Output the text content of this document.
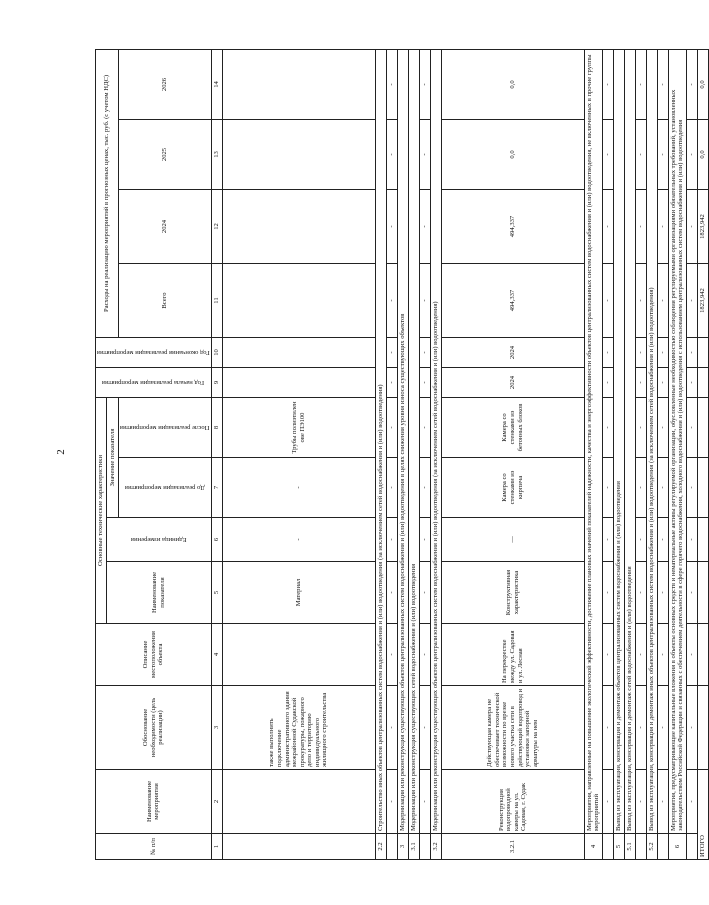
2
№ п/п	Наименование мероприятия	Обоснование необходимости (цель реализации)	Описание местоположения объекта	Основные технические характеристики				Год начала реализации мероприятия	Год окончания реализации мероприятия	Расходы на реализацию мероприятий в прогнозных ценах, тыс. руб. (с учетом НДС)			
				Наименование показателя	Единица измерения	Значение показателя							

						До реализации мероприятия	После реализации мероприятия			Всего	2024	2025	2026
1	2	3	4	5	6	7	8	9	10	11	12	13	14
		также выполнить подключение административного здания межрайонной Судакской прокуратуры, пожарного депо и территорию индивидуального жилищного строительства		Материал	-	-	Трубы полиэтилен ове ПЭ100						
2.2	Строительство иных объектов централизованных систем водоснабжения и (или) водоотведения (за исключением сетей водоснабжения и (или) водоотведения)												
	-	-	-	-	-	-	-	-	-	-	-	-	-
3	Модернизация или реконструкция существующих объектов централизованных систем водоснабжения и (или) водоотведения в целях снижения уровня износа существующих объектов												
3.1	Модернизация или реконструкция существующих сетей водоснабжения и (или) водоотведения												
	-	-	-	-	-	-	-	-	-	-	-	-	-
3.2	Модернизация или реконструкция существующих объектов централизованных систем водоснабжения и (или) водоотведения (за исключением сетей водоснабжения и (или) водоотведения)												
3.2.1	Реконструкция водопроводной камеры на ул. Садовая, г. Судак	Действующая камера не обеспечивает технической возможности по врезке нового участка сети в действующий водопровод и установки запорной арматуры на нем	На перекрестке между ул. Садовая и ул. Лесная	Конструктивная характеристика	—	Камера со стенками из кирпича	Камера со стенками из бетонных блоков	2024	2024	494,337	494,337	0,0	0,0
4	Мероприятия, направленные на повышение экологической эффективности, достижение плановых значений показателей надежности, качества и энергоэффективности объектов централизованных систем водоснабжения и (или) водоотведения, не включенных в прочие группы мероприятий												
	-	-	-	-	-	-	-	-	-	-	-	-	-
5	Вывод из эксплуатации, консервация и демонтаж объектов централизованных систем водоснабжения и (или) водоотведения												
5.1	Вывод из эксплуатации, консервация и демонтаж сетей водоснабжения и (или) водоотведения												
	-	-	-	-	-	-	-	-	-	-	-	-	-
5.2	Вывод из эксплуатации, консервация и демонтаж иных объектов централизованных систем водоснабжения и (или) водоотведения (за исключением сетей водоснабжения и (или) водоотведения)												
	-	-	-	-	-	-	-	-	-	-	-	-	-
6	Мероприятия, предусматривающие капитальные вложения в объекты основных средств и нематериальные активы регулируемой организации, обусловленные необходимостью соблюдения регулируемыми организациями обязательных требований, установленных законодательством Российской Федерации и связанных с обеспечением деятельности в сфере горячего водоснабжения, холодного водоснабжения и (или) водоотведения с использованием централизованных систем водоснабжения и (или) водоотведения												
	-	-	-	-	-	-	-	-	-	-	-	-	-
ИТОГО										1823,942	1823,942	0,0	0,0
